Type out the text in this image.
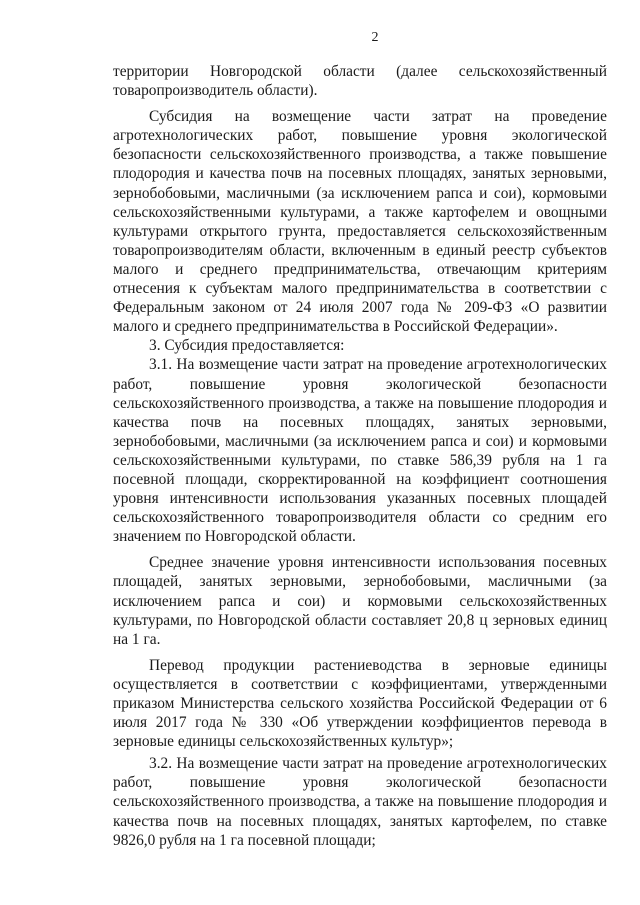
2

территории Новгородской области (далее сельскохозяйственный товаропроизводитель области).

Субсидия на возмещение части затрат на проведение агротехнологических работ, повышение уровня экологической безопасности сельскохозяйственного производства, а также повышение плодородия и качества почв на посевных площадях, занятых зерновыми, зернобобовыми, масличными (за исключением рапса и сои), кормовыми сельскохозяйственными культурами, а также картофелем и овощными культурами открытого грунта, предоставляется сельскохозяйственным товаропроизводителям области, включенным в единый реестр субъектов малого и среднего предпринимательства, отвечающим критериям отнесения к субъектам малого предпринимательства в соответствии с Федеральным законом от 24 июля 2007 года № 209-ФЗ «О развитии малого и среднего предпринимательства в Российской Федерации».

3. Субсидия предоставляется:

3.1. На возмещение части затрат на проведение агротехнологических работ, повышение уровня экологической безопасности сельскохозяйственного производства, а также на повышение плодородия и качества почв на посевных площадях, занятых зерновыми, зернобобовыми, масличными (за исключением рапса и сои) и кормовыми сельскохозяйственными культурами, по ставке 586,39 рубля на 1 га посевной площади, скорректированной на коэффициент соотношения уровня интенсивности использования указанных посевных площадей сельскохозяйственного товаропроизводителя области со средним его значением по Новгородской области.

Среднее значение уровня интенсивности использования посевных площадей, занятых зерновыми, зернобобовыми, масличными (за исключением рапса и сои) и кормовыми сельскохозяйственных культурами, по Новгородской области составляет 20,8 ц зерновых единиц на 1 га.

Перевод продукции растениеводства в зерновые единицы осуществляется в соответствии с коэффициентами, утвержденными приказом Министерства сельского хозяйства Российской Федерации от 6 июля 2017 года № 330 «Об утверждении коэффициентов перевода в зерновые единицы сельскохозяйственных культур»;

3.2. На возмещение части затрат на проведение агротехнологических работ, повышение уровня экологической безопасности сельскохозяйственного производства, а также на повышение плодородия и качества почв на посевных площадях, занятых картофелем, по ставке 9826,0 рубля на 1 га посевной площади;
